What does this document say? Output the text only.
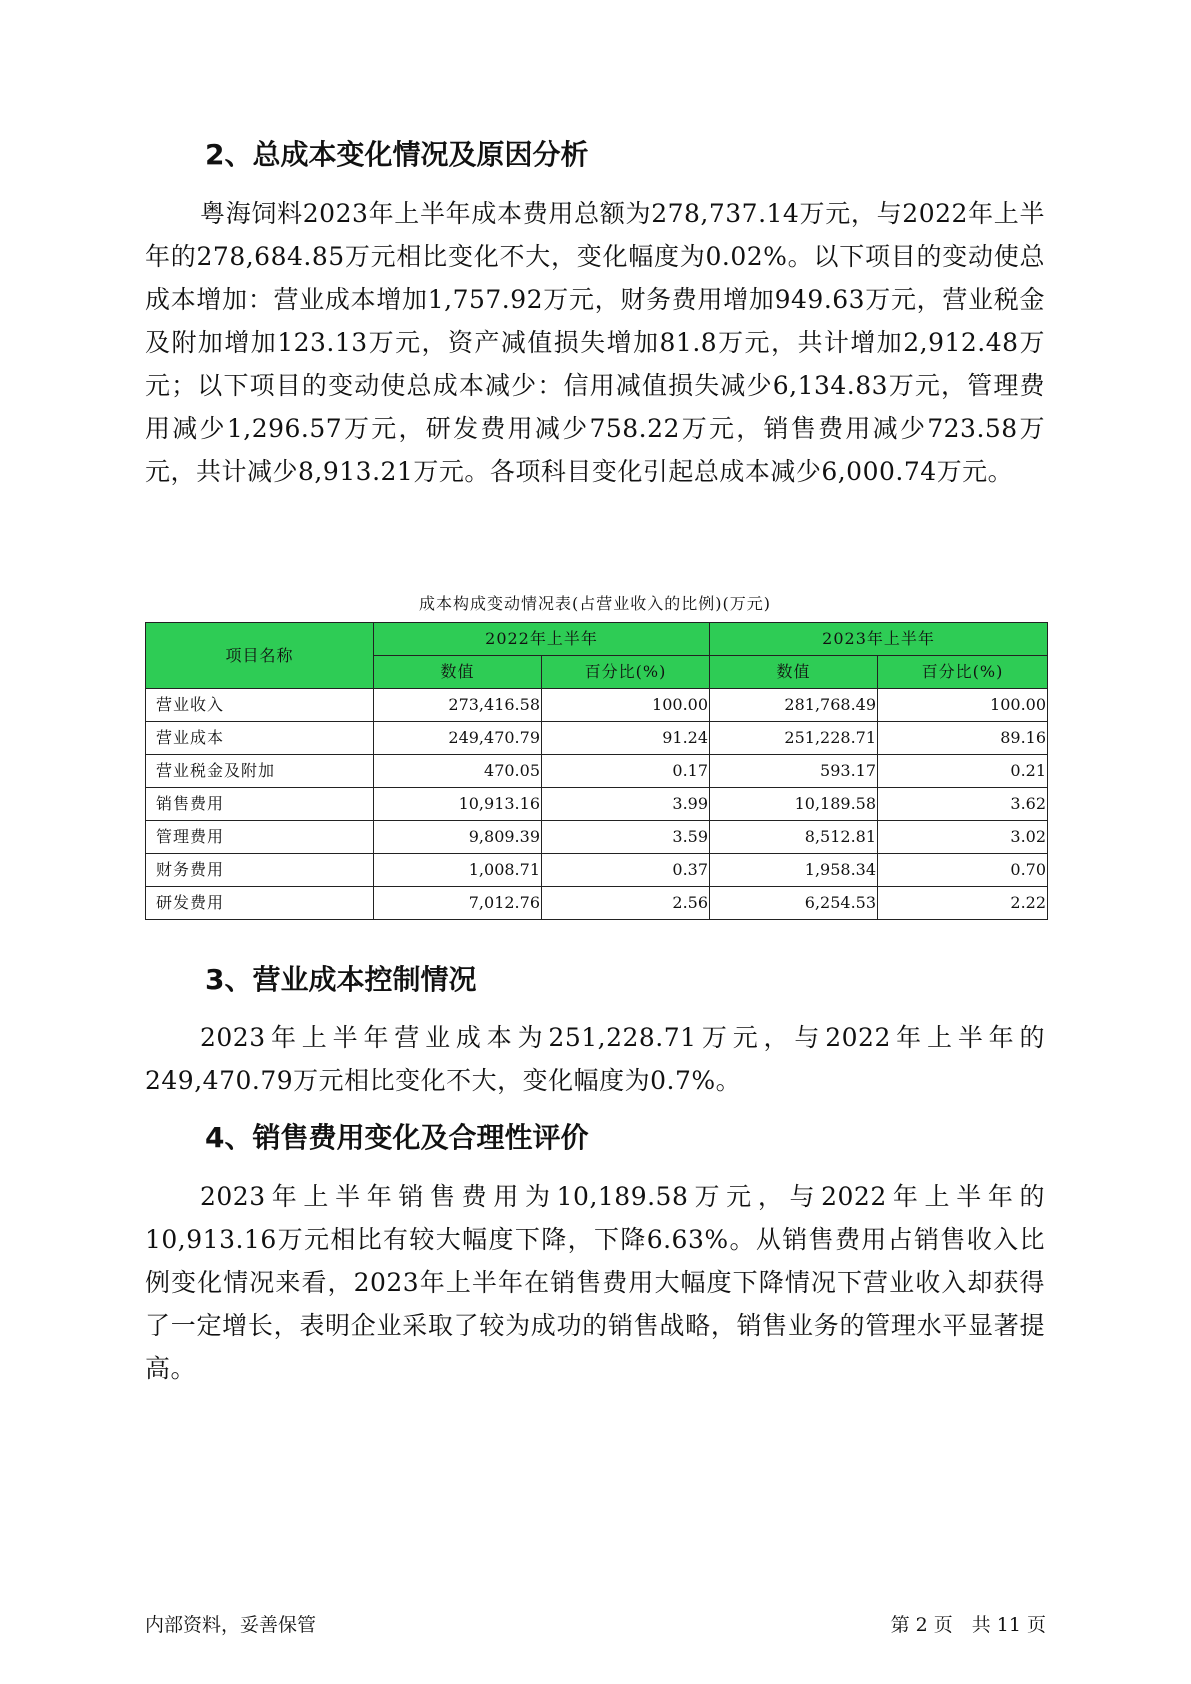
2、总成本变化情况及原因分析

粤海饲料2023年上半年成本费用总额为278,737.14万元，与2022年上半年的278,684.85万元相比变化不大，变化幅度为0.02%。以下项目的变动使总成本增加：营业成本增加1,757.92万元，财务费用增加949.63万元，营业税金及附加增加123.13万元，资产减值损失增加81.8万元，共计增加2,912.48万元；以下项目的变动使总成本减少：信用减值损失减少6,134.83万元，管理费用减少1,296.57万元，研发费用减少758.22万元，销售费用减少723.58万元，共计减少8,913.21万元。各项科目变化引起总成本减少6,000.74万元。

成本构成变动情况表(占营业收入的比例)(万元)
项目名称	2022年上半年		2023年上半年	
	数值	百分比(%)	数值	百分比(%)
营业收入	273,416.58	100.00	281,768.49	100.00
营业成本	249,470.79	91.24	251,228.71	89.16
营业税金及附加	470.05	0.17	593.17	0.21
销售费用	10,913.16	3.99	10,189.58	3.62
管理费用	9,809.39	3.59	8,512.81	3.02
财务费用	1,008.71	0.37	1,958.34	0.70
研发费用	7,012.76	2.56	6,254.53	2.22
3、营业成本控制情况

2023年上半年营业成本为251,228.71万元，与2022年上半年的249,470.79万元相比变化不大，变化幅度为0.7%。

4、销售费用变化及合理性评价

2023年上半年销售费用为10,189.58万元，与2022年上半年的10,913.16万元相比有较大幅度下降，下降6.63%。从销售费用占销售收入比例变化情况来看，2023年上半年在销售费用大幅度下降情况下营业收入却获得了一定增长，表明企业采取了较为成功的销售战略，销售业务的管理水平显著提高。

内部资料，妥善保管	第 2 页　共 11 页
